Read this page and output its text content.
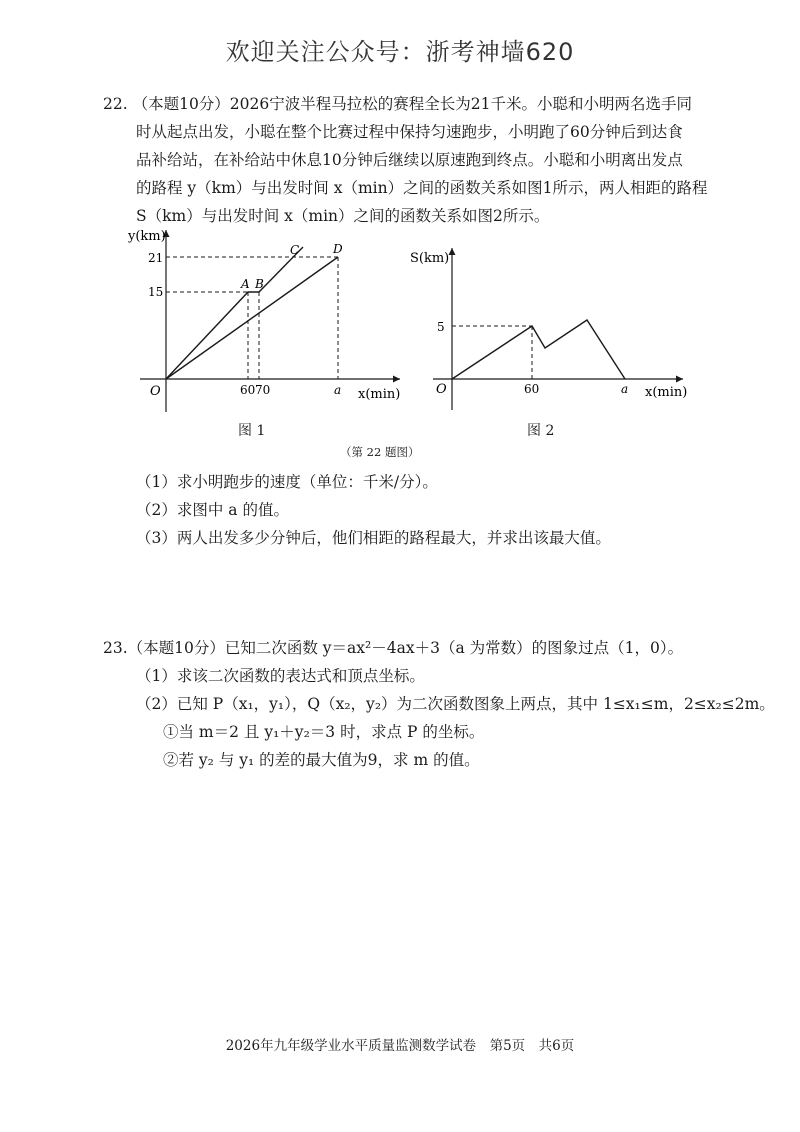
欢迎关注公众号：浙考神墙620
22. （本题10分）2026宁波半程马拉松的赛程全长为21千米。小聪和小明两名选手同
时从起点出发，小聪在整个比赛过程中保持匀速跑步，小明跑了60分钟后到达食
品补给站，在补给站中休息10分钟后继续以原速跑到终点。小聪和小明离出发点
的路程 y（km）与出发时间 x（min）之间的函数关系如图1所示，两人相距的路程
S（km）与出发时间 x（min）之间的函数关系如图2所示。
y(km)
21
15
O	60 70	a x(min)
A B
C	D
图 1
S(km)
5
O	60	a x(min)
图 2
（第 22 题图）
（1）求小明跑步的速度（单位：千米/分）。
（2）求图中 a 的值。
（3）两人出发多少分钟后，他们相距的路程最大，并求出该最大值。
23.（本题10分）已知二次函数 y＝ax²－4ax＋3（a 为常数）的图象过点（1，0）。
（1）求该二次函数的表达式和顶点坐标。
（2）已知 P（x₁，y₁），Q（x₂，y₂）为二次函数图象上两点，其中 1≤x₁≤m，2≤x₂≤2m。
①当 m＝2 且 y₁＋y₂＝3 时，求点 P 的坐标。
②若 y₂ 与 y₁ 的差的最大值为9，求 m 的值。
2026年九年级学业水平质量监测数学试卷　第5页　共6页
